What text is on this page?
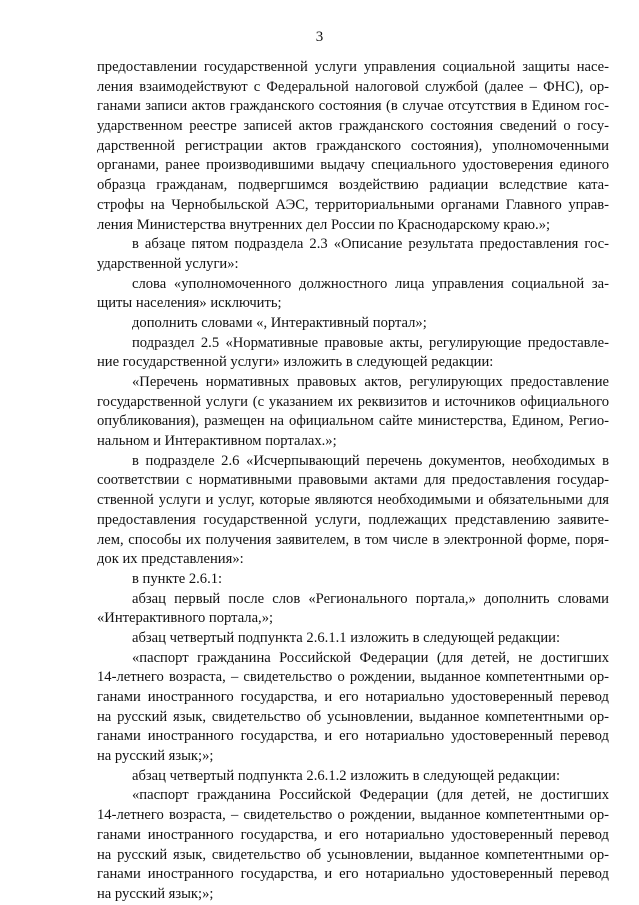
3
предоставлении государственной услуги управления социальной защиты насе-
ления взаимодействуют с Федеральной налоговой службой (далее – ФНС), ор-
ганами записи актов гражданского состояния (в случае отсутствия в Едином гос-
ударственном реестре записей актов гражданского состояния сведений о госу-
дарственной регистрации актов гражданского состояния), уполномоченными
органами, ранее производившими выдачу специального удостоверения единого
образца гражданам, подвергшимся воздействию радиации вследствие ката-
строфы на Чернобыльской АЭС, территориальными органами Главного управ-
ления Министерства внутренних дел России по Краснодарскому краю.»;
в абзаце пятом подраздела 2.3 «Описание результата предоставления гос-
ударственной услуги»:
слова «уполномоченного должностного лица управления социальной за-
щиты населения» исключить;
дополнить словами «, Интерактивный портал»;
подраздел 2.5 «Нормативные правовые акты, регулирующие предоставле-
ние государственной услуги» изложить в следующей редакции:
«Перечень нормативных правовых актов, регулирующих предоставление
государственной услуги (с указанием их реквизитов и источников официального
опубликования), размещен на официальном сайте министерства, Едином, Регио-
нальном и Интерактивном порталах.»;
в подразделе 2.6 «Исчерпывающий перечень документов, необходимых в
соответствии с нормативными правовыми актами для предоставления государ-
ственной услуги и услуг, которые являются необходимыми и обязательными для
предоставления государственной услуги, подлежащих представлению заявите-
лем, способы их получения заявителем, в том числе в электронной форме, поря-
док их представления»:
в пункте 2.6.1:
абзац первый после слов «Регионального портала,» дополнить словами
«Интерактивного портала,»;
абзац четвертый подпункта 2.6.1.1 изложить в следующей редакции:
«паспорт гражданина Российской Федерации (для детей, не достигших
14-летнего возраста, – свидетельство о рождении, выданное компетентными ор-
ганами иностранного государства, и его нотариально удостоверенный перевод
на русский язык, свидетельство об усыновлении, выданное компетентными ор-
ганами иностранного государства, и его нотариально удостоверенный перевод
на русский язык;»;
абзац четвертый подпункта 2.6.1.2 изложить в следующей редакции:
«паспорт гражданина Российской Федерации (для детей, не достигших
14-летнего возраста, – свидетельство о рождении, выданное компетентными ор-
ганами иностранного государства, и его нотариально удостоверенный перевод
на русский язык, свидетельство об усыновлении, выданное компетентными ор-
ганами иностранного государства, и его нотариально удостоверенный перевод
на русский язык;»;
